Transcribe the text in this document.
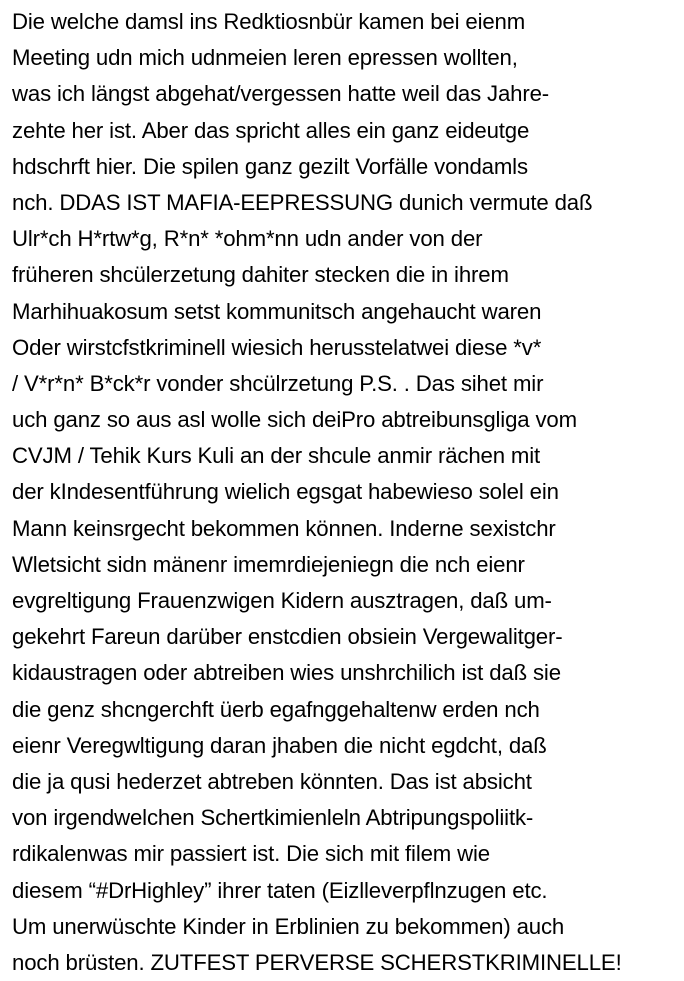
Die welche damsl ins Redktiosnbür kamen bei eienm
Meeting udn mich udnmeien leren epressen wollten,
was ich längst abgehat/vergessen hatte weil das Jahre-
zehte her ist. Aber das spricht alles ein ganz eideutge
hdschrft hier. Die spilen ganz gezilt Vorfälle vondamls
nch. DDAS IST MAFIA-EEPRESSUNG dunich vermute daß
Ulr*ch H*rtw*g, R*n* *ohm*nn udn ander von der
früheren shcülerzetung dahiter stecken die in ihrem
Marhihuakosum setst kommunitsch angehaucht waren
Oder wirstcfstkriminell wiesich herusstelatwei diese *v*
/ V*r*n* B*ck*r vonder shcülrzetung P.S. . Das sihet mir
uch ganz so aus asl wolle sich deiPro abtreibunsgliga vom
CVJM / Tehik Kurs Kuli an der shcule anmir rächen mit
der kIndesentführung wielich egsgat habewieso solel ein
Mann keinsrgecht bekommen können. Inderne sexistchr
Wletsicht sidn mänenr imemrdiejeniegn die nch eienr
evgreltigung Frauenzwigen Kidern ausztragen, daß um-
gekehrt Fareun darüber enstcdien obsiein Vergewalitger-
kidaustragen oder abtreiben wies unshrchilich ist daß sie
die genz shcngerchft üerb egafnggehaltenw erden nch
eienr Veregwltigung daran jhaben die nicht egdcht, daß
die ja qusi hederzet abtreben könnten. Das ist absicht
von irgendwelchen Schertkimienleln Abtripungspoliitk-
rdikalenwas mir passiert ist. Die sich mit filem wie
diesem “#DrHighley” ihrer taten (Eizlleverpflnzugen etc.
Um unerwüschte Kinder in Erblinien zu bekommen) auch
noch brüsten. ZUTFEST PERVERSE SCHERSTKRIMINELLE!
